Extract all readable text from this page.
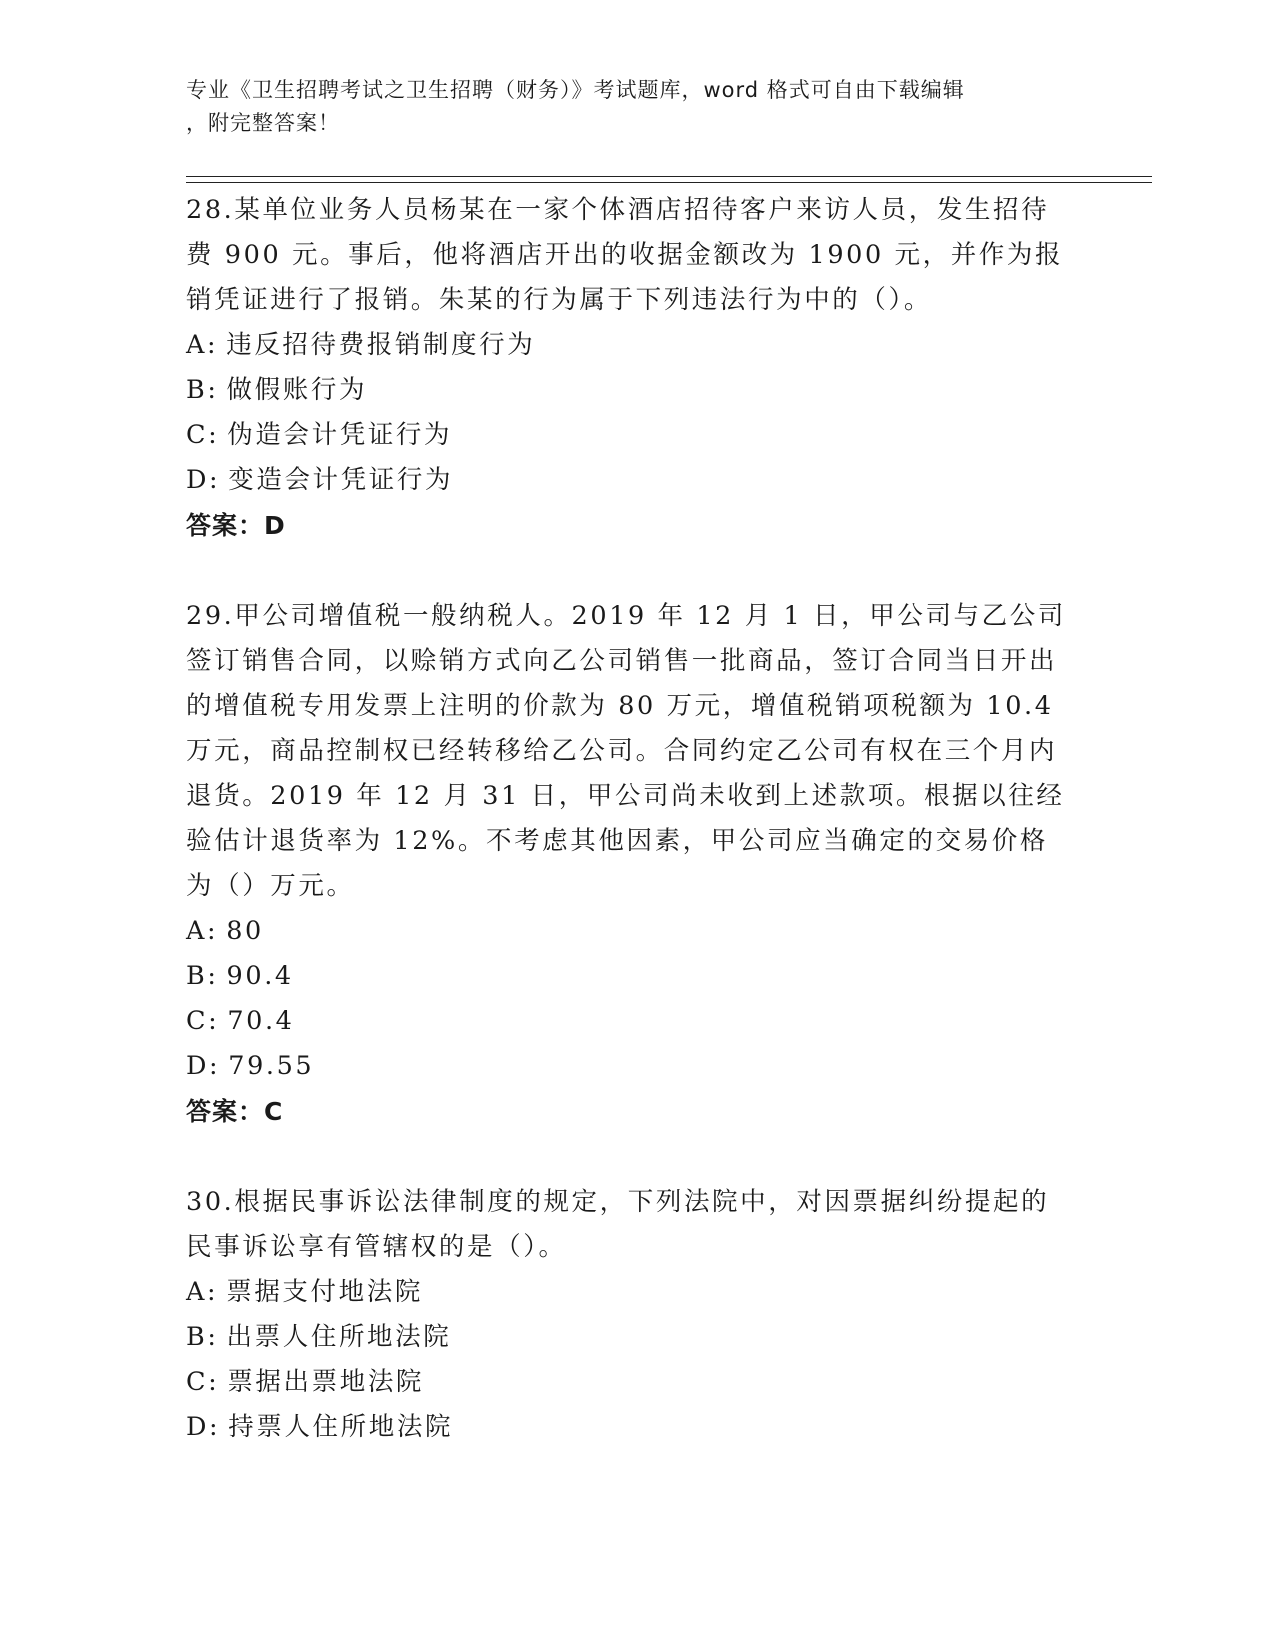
专业《卫生招聘考试之卫生招聘（财务）》考试题库，word 格式可自由下载编辑
，附完整答案！

28.某单位业务人员杨某在一家个体酒店招待客户来访人员，发生招待费 900 元。事后，他将酒店开出的收据金额改为 1900 元，并作为报销凭证进行了报销。朱某的行为属于下列违法行为中的（）。

A: 违反招待费报销制度行为
B: 做假账行为
C: 伪造会计凭证行为
D: 变造会计凭证行为

答案：D

29.甲公司增值税一般纳税人。2019 年 12 月 1 日，甲公司与乙公司签订销售合同，以赊销方式向乙公司销售一批商品，签订合同当日开出的增值税专用发票上注明的价款为 80 万元，增值税销项税额为 10.4 万元，商品控制权已经转移给乙公司。合同约定乙公司有权在三个月内退货。2019 年 12 月 31 日，甲公司尚未收到上述款项。根据以往经验估计退货率为 12%。不考虑其他因素，甲公司应当确定的交易价格为（）万元。

A: 80
B: 90.4
C: 70.4
D: 79.55

答案：C

30.根据民事诉讼法律制度的规定，下列法院中，对因票据纠纷提起的民事诉讼享有管辖权的是（）。

A: 票据支付地法院
B: 出票人住所地法院
C: 票据出票地法院
D: 持票人住所地法院
